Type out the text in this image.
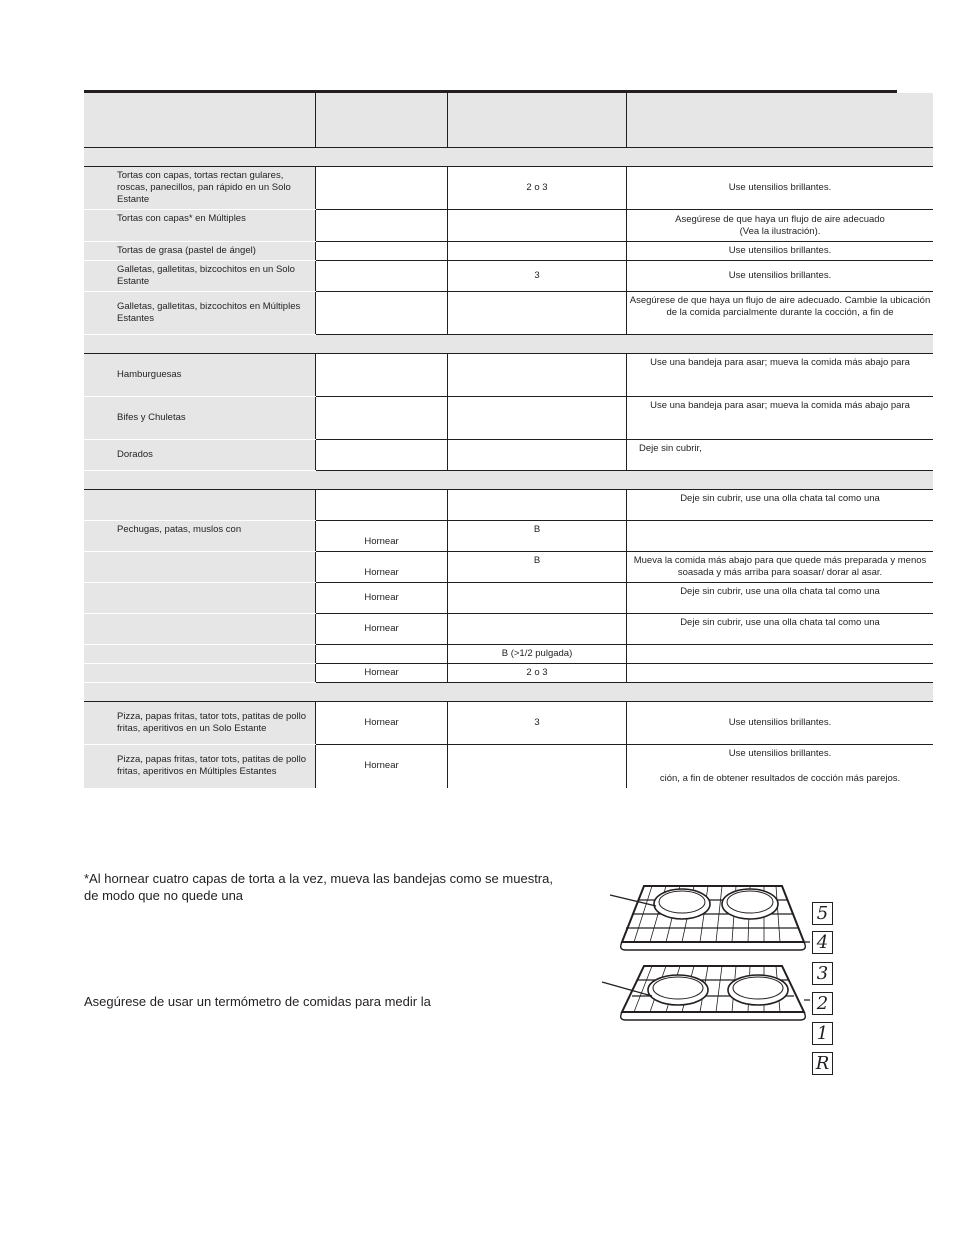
Tortas con capas, tortas rectan gulares, roscas, panecillos, pan rápido en un Solo Estante		2 o 3	Use utensilios brillantes.
Tortas con capas* en Múltiples			Asegúrese de que haya un flujo de aire adecuado
(Vea la ilustración).
Tortas de grasa (pastel de ángel)			Use utensilios brillantes.
Galletas, galletitas, bizcochitos en un Solo Estante		3	Use utensilios brillantes.
Galletas, galletitas, bizcochitos en Múltiples Estantes			Asegúrese de que haya un flujo de aire adecuado. Cambie la ubicación de la comida parcialmente durante la cocción, a fin de

Hamburguesas			Use una bandeja para asar; mueva la comida más abajo para
Bifes y Chuletas			Use una bandeja para asar; mueva la comida más abajo para
Dorados			Deje sin cubrir,

			Deje sin cubrir, use una olla chata tal como una
Pechugas, patas, muslos con	Hornear	B	
	Hornear	B	Mueva la comida más abajo para que quede más preparada y menos soasada y más arriba para soasar/ dorar al asar.
	Hornear		Deje sin cubrir, use una olla chata tal como una
	Hornear		Deje sin cubrir, use una olla chata tal como una
		B (>1/2 pulgada)	
	Hornear	2 o 3	

Pizza, papas fritas, tator tots, patitas de pollo fritas, aperitivos en un Solo Estante	Hornear	3	Use utensilios brillantes.
Pizza, papas fritas, tator tots, patitas de pollo fritas, aperitivos en Múltiples Estantes	Hornear		Use utensilios brillantes.
ción, a fin de obtener resultados de cocción más parejos.
*Al hornear cuatro capas de torta a la vez, mueva las bandejas como se muestra, de modo que no quede una
Asegúrese de usar un termómetro de comidas para medir la
5
4
3
2
1
R
